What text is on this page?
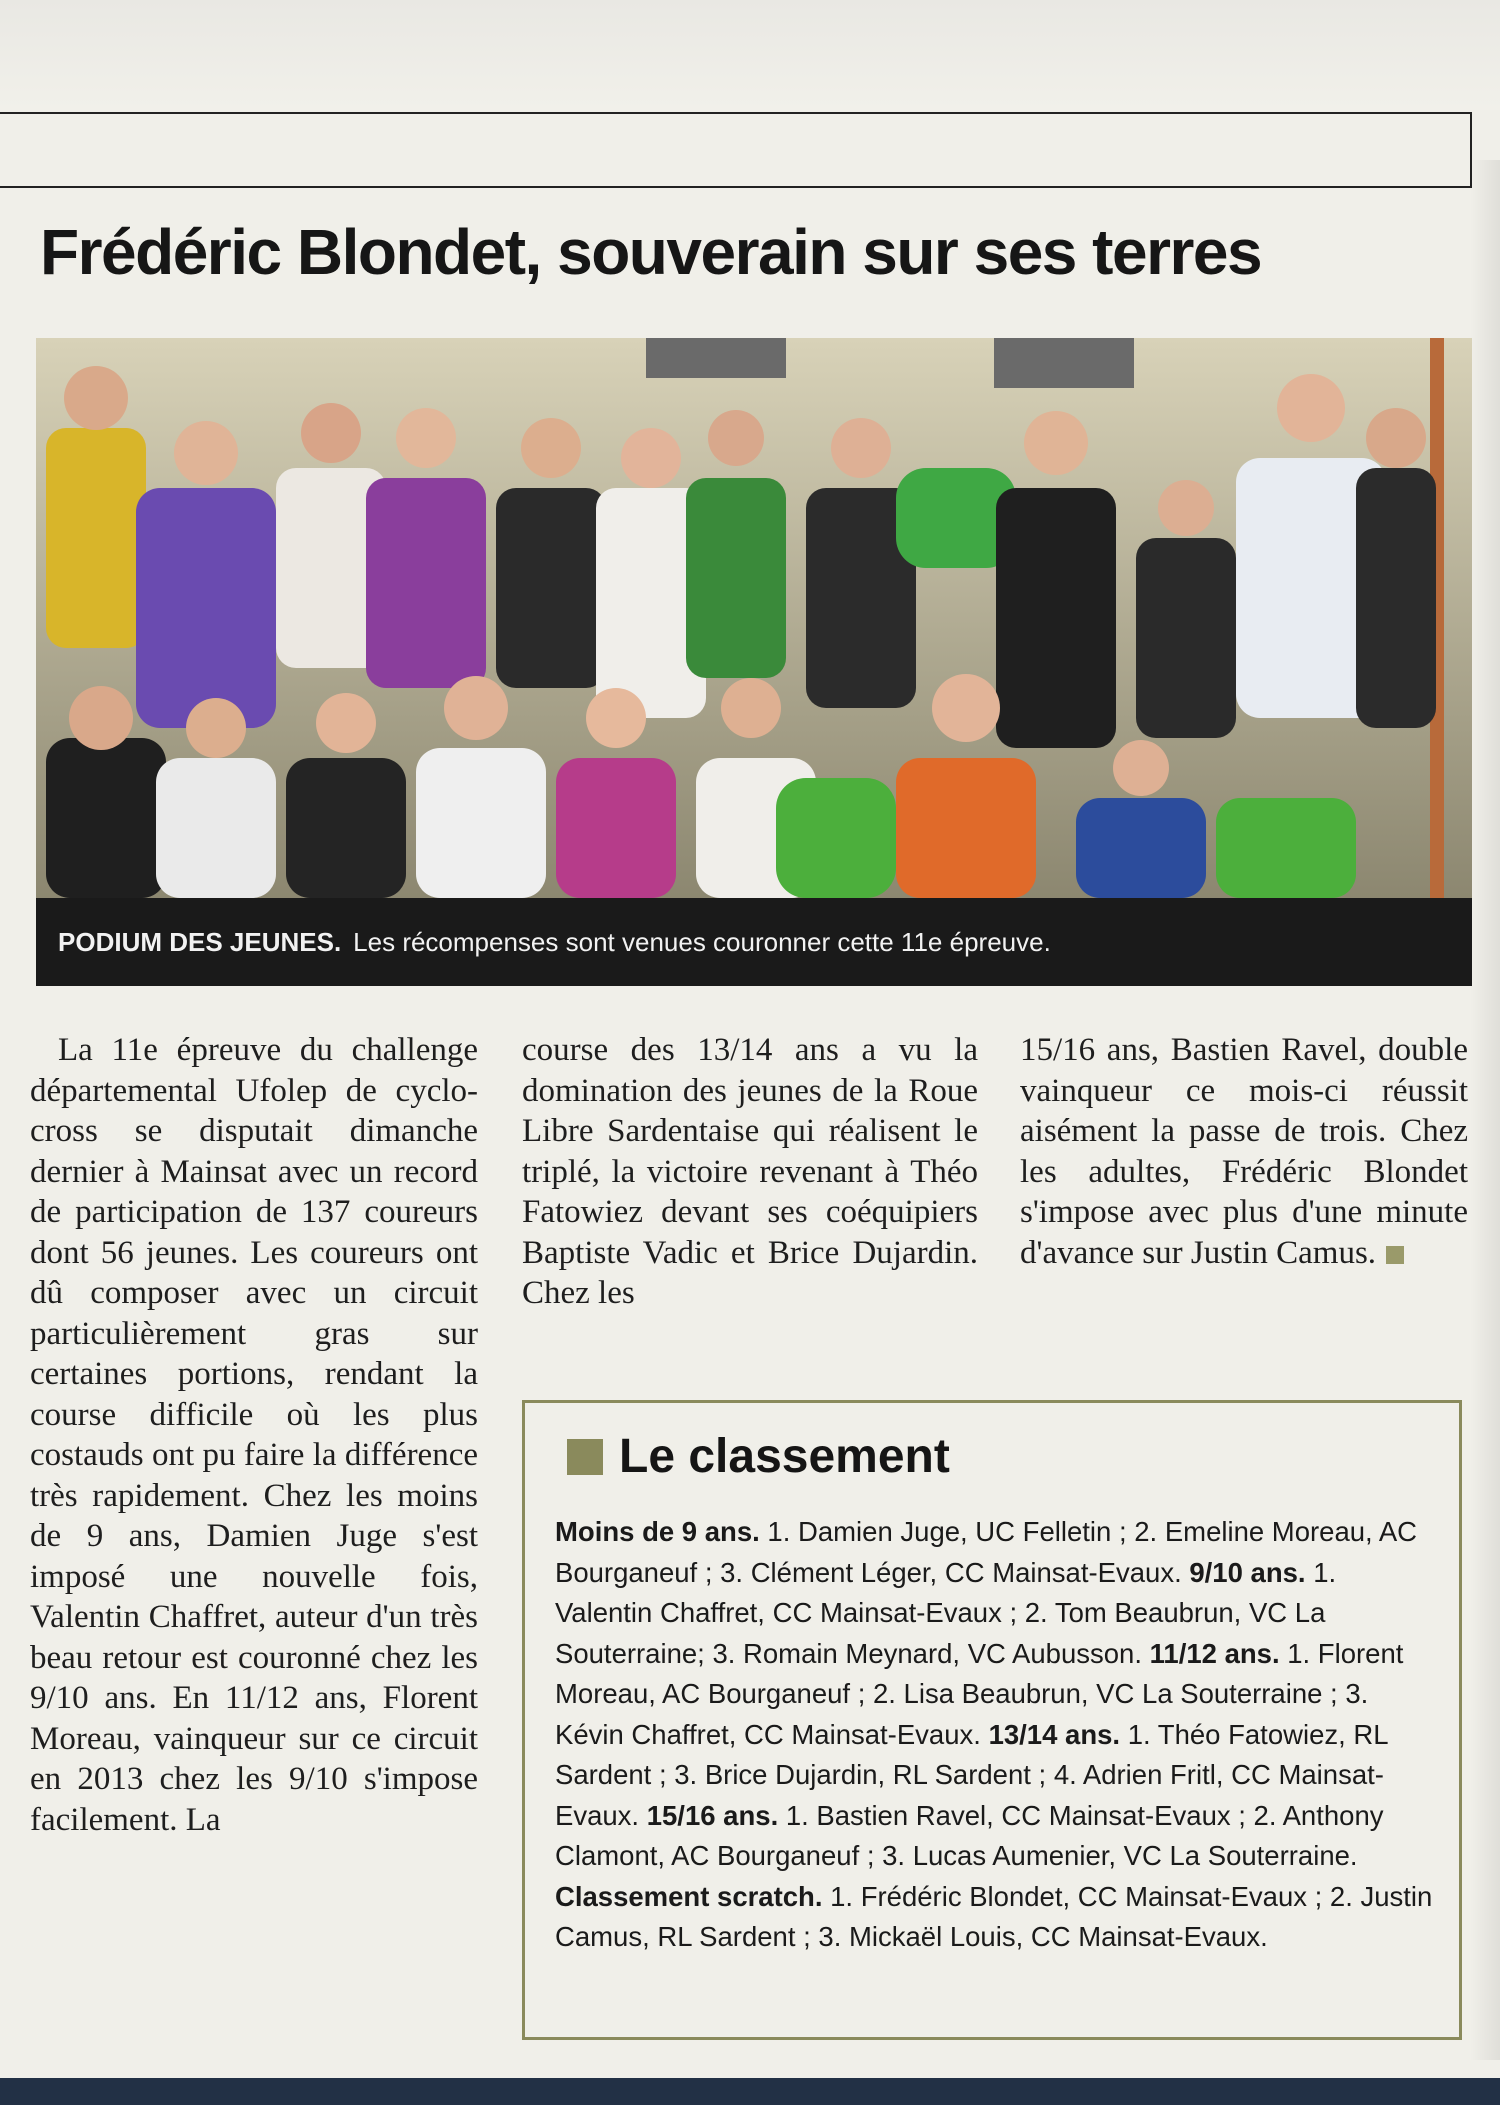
Frédéric Blondet, souverain sur ses terres
PODIUM DES JEUNES. Les récompenses sont venues couronner cette 11e épreuve.

La 11e épreuve du challenge départemental Ufolep de cyclo-cross se disputait dimanche dernier à Mainsat avec un record de participation de 137 coureurs dont 56 jeunes. Les coureurs ont dû composer avec un circuit particulièrement gras sur certaines portions, rendant la course difficile où les plus costauds ont pu faire la différence très rapidement. Chez les moins de 9 ans, Damien Juge s'est imposé une nouvelle fois, Valentin Chaffret, auteur d'un très beau retour est couronné chez les 9/10 ans. En 11/12 ans, Florent Moreau, vainqueur sur ce circuit en 2013 chez les 9/10 s'impose facilement. La

course des 13/14 ans a vu la domination des jeunes de la Roue Libre Sardentaise qui réalisent le triplé, la victoire revenant à Théo Fatowiez devant ses coéquipiers Baptiste Vadic et Brice Dujardin. Chez les

15/16 ans, Bastien Ravel, double vainqueur ce mois-ci réussit aisément la passe de trois. Chez les adultes, Frédéric Blondet s'impose avec plus d'une minute d'avance sur Justin Camus.

Le classement

Moins de 9 ans. 1. Damien Juge, UC Felletin ; 2. Emeline Moreau, AC Bourganeuf ; 3. Clément Léger, CC Mainsat-Evaux. 9/10 ans. 1. Valentin Chaffret, CC Mainsat-Evaux ; 2. Tom Beaubrun, VC La Souterraine; 3. Romain Meynard, VC Aubusson. 11/12 ans. 1. Florent Moreau, AC Bourganeuf ; 2. Lisa Beaubrun, VC La Souterraine ; 3. Kévin Chaffret, CC Mainsat-Evaux. 13/14 ans. 1. Théo Fatowiez, RL Sardent ; 3. Brice Dujardin, RL Sardent ; 4. Adrien Fritl, CC Mainsat-Evaux. 15/16 ans. 1. Bastien Ravel, CC Mainsat-Evaux ; 2. Anthony Clamont, AC Bourganeuf ; 3. Lucas Aumenier, VC La Souterraine. Classement scratch. 1. Frédéric Blondet, CC Mainsat-Evaux ; 2. Justin Camus, RL Sardent ; 3. Mickaël Louis, CC Mainsat-Evaux.
